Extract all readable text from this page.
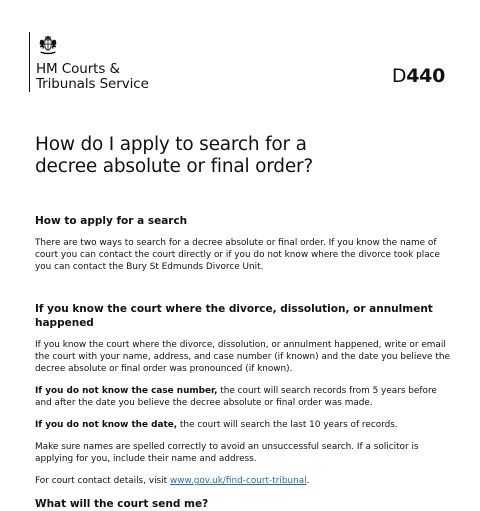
HM Courts &
Tribunals Service	D440
How do I apply to search for a
decree absolute or final order?
How to apply for a search

There are two ways to search for a decree absolute or final order. If you know the name of court you can contact the court directly or if you do not know where the divorce took place you can contact the Bury St Edmunds Divorce Unit.

If you know the court where the divorce, dissolution, or annulment happened

If you know the court where the divorce, dissolution, or annulment happened, write or email the court with your name, address, and case number (if known) and the date you believe the decree absolute or final order was pronounced (if known).

If you do not know the case number, the court will search records from 5 years before and after the date you believe the decree absolute or final order was made.

If you do not know the date, the court will search the last 10 years of records.

Make sure names are spelled correctly to avoid an unsuccessful search. If a solicitor is applying for you, include their name and address.

For court contact details, visit www.gov.uk/find-court-tribunal.

What will the court send me?
